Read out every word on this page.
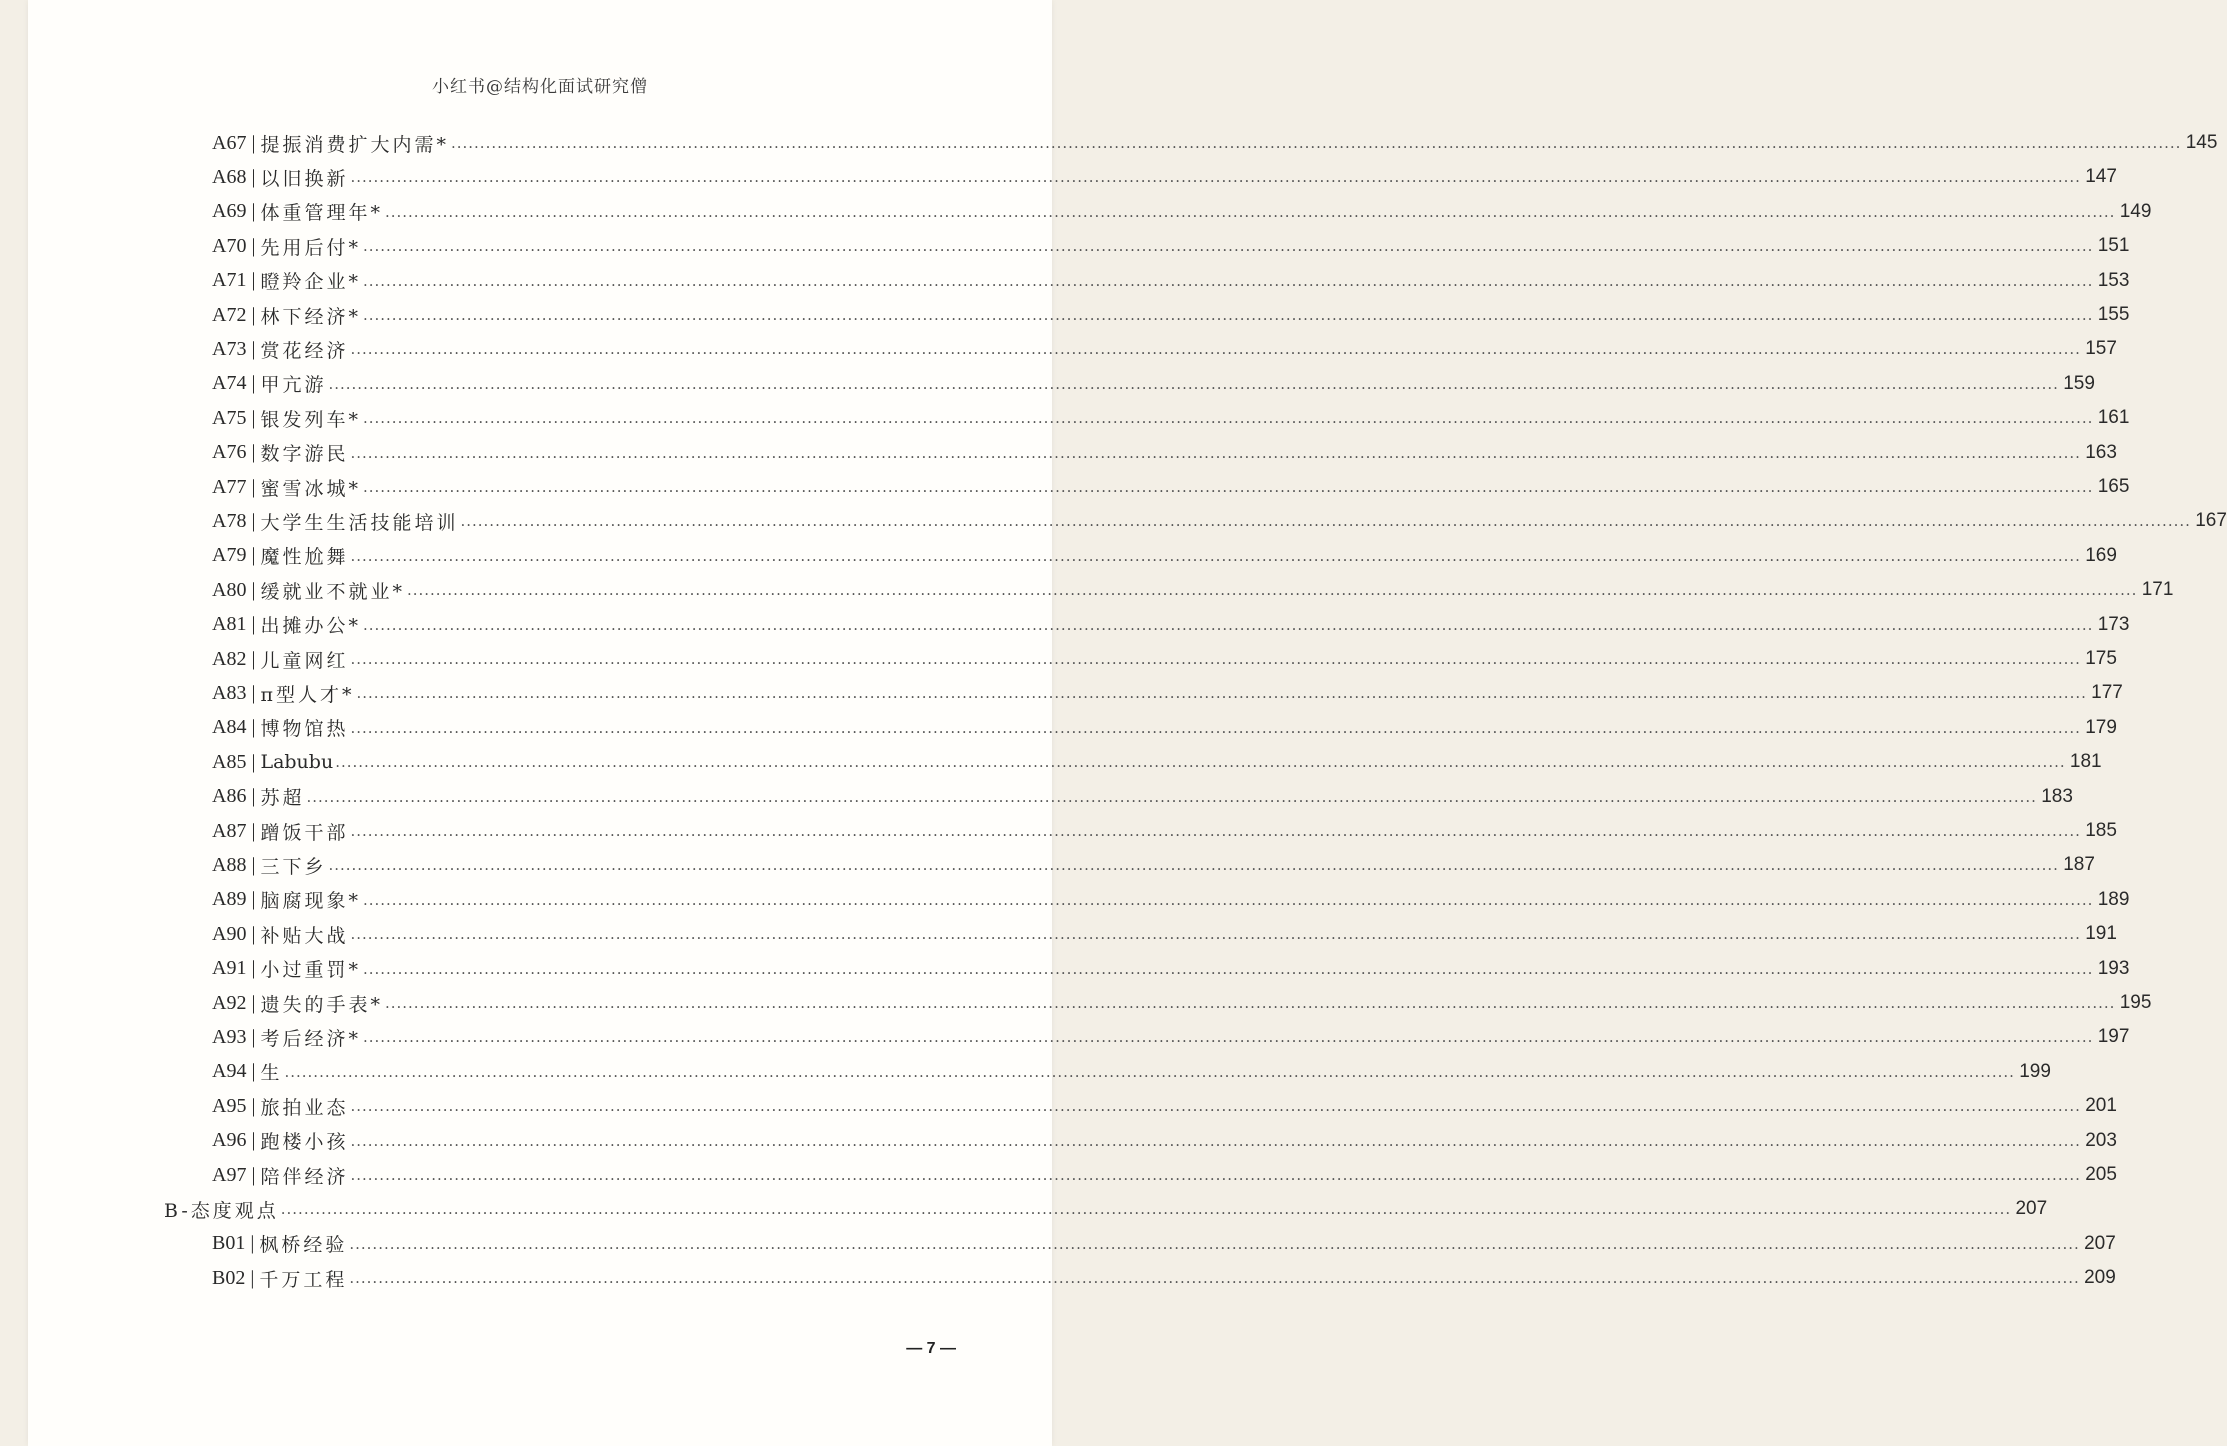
小红书@结构化面试研究僧
A67 | 提振消费扩大内需* ............................................................................................................................................................................................................................................................................................................ 145
A68 | 以旧换新 ............................................................................................................................................................................................................................................................................................................ 147
A69 | 体重管理年* ............................................................................................................................................................................................................................................................................................................ 149
A70 | 先用后付* ............................................................................................................................................................................................................................................................................................................ 151
A71 | 瞪羚企业* ............................................................................................................................................................................................................................................................................................................ 153
A72 | 林下经济* ............................................................................................................................................................................................................................................................................................................ 155
A73 | 赏花经济 ............................................................................................................................................................................................................................................................................................................ 157
A74 | 甲亢游 ............................................................................................................................................................................................................................................................................................................ 159
A75 | 银发列车* ............................................................................................................................................................................................................................................................................................................ 161
A76 | 数字游民 ............................................................................................................................................................................................................................................................................................................ 163
A77 | 蜜雪冰城* ............................................................................................................................................................................................................................................................................................................ 165
A78 | 大学生生活技能培训 ............................................................................................................................................................................................................................................................................................................ 167
A79 | 魔性尬舞 ............................................................................................................................................................................................................................................................................................................ 169
A80 | 缓就业不就业* ............................................................................................................................................................................................................................................................................................................ 171
A81 | 出摊办公* ............................................................................................................................................................................................................................................................................................................ 173
A82 | 儿童网红 ............................................................................................................................................................................................................................................................................................................ 175
A83 | π型人才* ............................................................................................................................................................................................................................................................................................................ 177
A84 | 博物馆热 ............................................................................................................................................................................................................................................................................................................ 179
A85 | Labubu ............................................................................................................................................................................................................................................................................................................ 181
A86 | 苏超 ............................................................................................................................................................................................................................................................................................................ 183
A87 | 蹭饭干部 ............................................................................................................................................................................................................................................................................................................ 185
A88 | 三下乡 ............................................................................................................................................................................................................................................................................................................ 187
A89 | 脑腐现象* ............................................................................................................................................................................................................................................................................................................ 189
A90 | 补贴大战 ............................................................................................................................................................................................................................................................................................................ 191
A91 | 小过重罚* ............................................................................................................................................................................................................................................................................................................ 193
A92 | 遗失的手表* ............................................................................................................................................................................................................................................................................................................ 195
A93 | 考后经济* ............................................................................................................................................................................................................................................................................................................ 197
A94 | 生 ............................................................................................................................................................................................................................................................................................................ 199
A95 | 旅拍业态 ............................................................................................................................................................................................................................................................................................................ 201
A96 | 跑楼小孩 ............................................................................................................................................................................................................................................................................................................ 203
A97 | 陪伴经济 ............................................................................................................................................................................................................................................................................................................ 205
B-态度观点 ............................................................................................................................................................................................................................................................................................................ 207
B01 | 枫桥经验 ............................................................................................................................................................................................................................................................................................................ 207
B02 | 千万工程 ............................................................................................................................................................................................................................................................................................................ 209
— 7 —
